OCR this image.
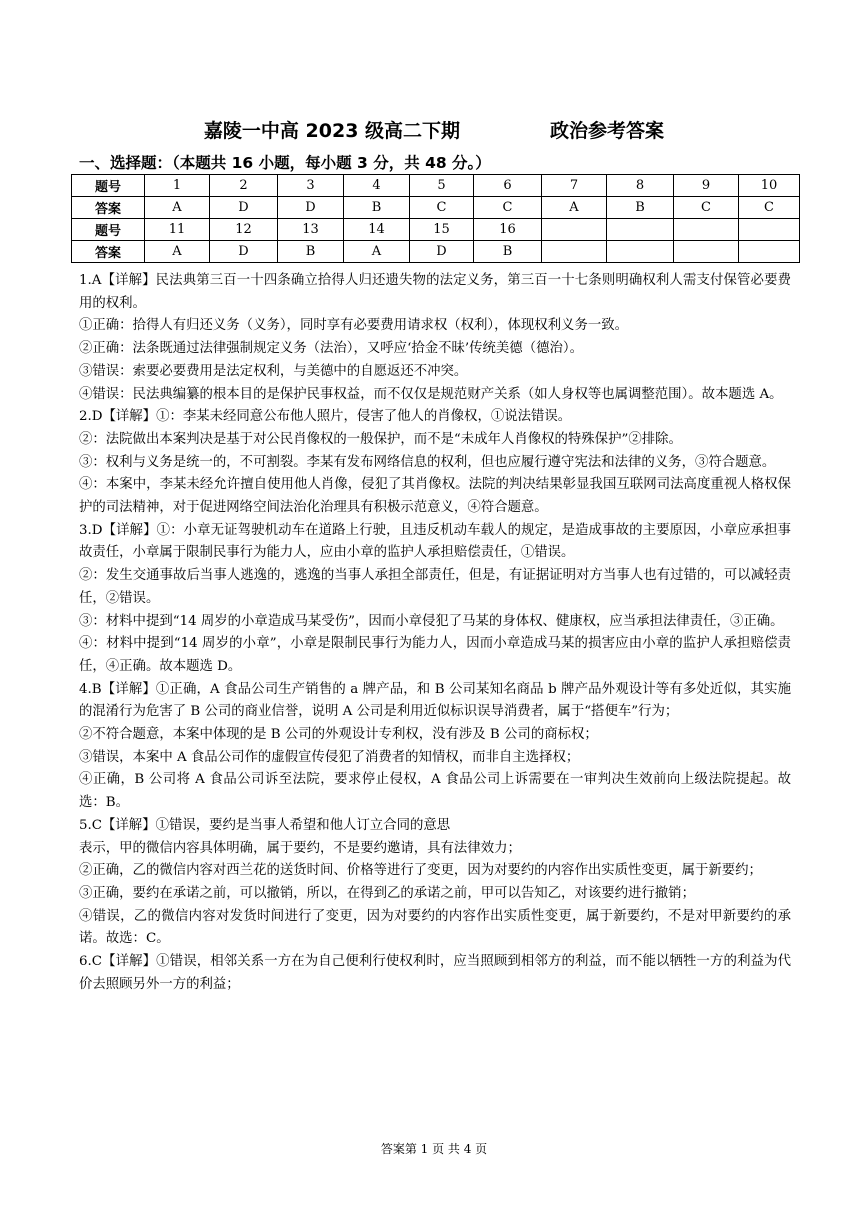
嘉陵一中高 2023 级高二下期	政治参考答案
一、选择题：（本题共 16 小题，每小题 3 分，共 48 分。）
题号	1	2	3	4	5	6	7	8	9	10
答案	A	D	D	B	C	C	A	B	C	C
题号	11	12	13	14	15	16				
答案	A	D	B	A	D	B				

1.A【详解】民法典第三百一十四条确立拾得人归还遗失物的法定义务，第三百一十七条则明确权利人需支付保管必要费用的权利。

①正确：拾得人有归还义务（义务），同时享有必要费用请求权（权利），体现权利义务一致。

②正确：法条既通过法律强制规定义务（法治），又呼应‘拾金不昧’传统美德（德治）。

③错误：索要必要费用是法定权利，与美德中的自愿返还不冲突。

④错误：民法典编纂的根本目的是保护民事权益，而不仅仅是规范财产关系（如人身权等也属调整范围）。故本题选 A。

2.D【详解】①：李某未经同意公布他人照片，侵害了他人的肖像权，①说法错误。

②：法院做出本案判决是基于对公民肖像权的一般保护，而不是“未成年人肖像权的特殊保护”②排除。

③：权利与义务是统一的，不可割裂。李某有发布网络信息的权利，但也应履行遵守宪法和法律的义务，③符合题意。

④：本案中，李某未经允许擅自使用他人肖像，侵犯了其肖像权。法院的判决结果彰显我国互联网司法高度重视人格权保护的司法精神，对于促进网络空间法治化治理具有积极示范意义，④符合题意。

3.D【详解】①：小章无证驾驶机动车在道路上行驶，且违反机动车载人的规定，是造成事故的主要原因，小章应承担事故责任，小章属于限制民事行为能力人，应由小章的监护人承担赔偿责任，①错误。

②：发生交通事故后当事人逃逸的，逃逸的当事人承担全部责任，但是，有证据证明对方当事人也有过错的，可以减轻责任，②错误。

③：材料中提到“14 周岁的小章造成马某受伤”，因而小章侵犯了马某的身体权、健康权，应当承担法律责任，③正确。

④：材料中提到“14 周岁的小章”，小章是限制民事行为能力人，因而小章造成马某的损害应由小章的监护人承担赔偿责任，④正确。故本题选 D。

4.B【详解】①正确，A 食品公司生产销售的 a 牌产品，和 B 公司某知名商品 b 牌产品外观设计等有多处近似，其实施的混淆行为危害了 B 公司的商业信誉，说明 A 公司是利用近似标识误导消费者，属于“搭便车”行为；

②不符合题意，本案中体现的是 B 公司的外观设计专利权，没有涉及 B 公司的商标权；

③错误，本案中 A 食品公司作的虚假宣传侵犯了消费者的知情权，而非自主选择权；

④正确，B 公司将 A 食品公司诉至法院，要求停止侵权，A 食品公司上诉需要在一审判决生效前向上级法院提起。故选：B。

5.C【详解】①错误，要约是当事人希望和他人订立合同的意思

表示，甲的微信内容具体明确，属于要约，不是要约邀请，具有法律效力；

②正确，乙的微信内容对西兰花的送货时间、价格等进行了变更，因为对要约的内容作出实质性变更，属于新要约；

③正确，要约在承诺之前，可以撤销，所以，在得到乙的承诺之前，甲可以告知乙，对该要约进行撤销；

④错误，乙的微信内容对发货时间进行了变更，因为对要约的内容作出实质性变更，属于新要约，不是对甲新要约的承诺。故选：C。

6.C【详解】①错误，相邻关系一方在为自己便利行使权利时，应当照顾到相邻方的利益，而不能以牺牲一方的利益为代价去照顾另外一方的利益；

答案第 1 页 共 4 页
